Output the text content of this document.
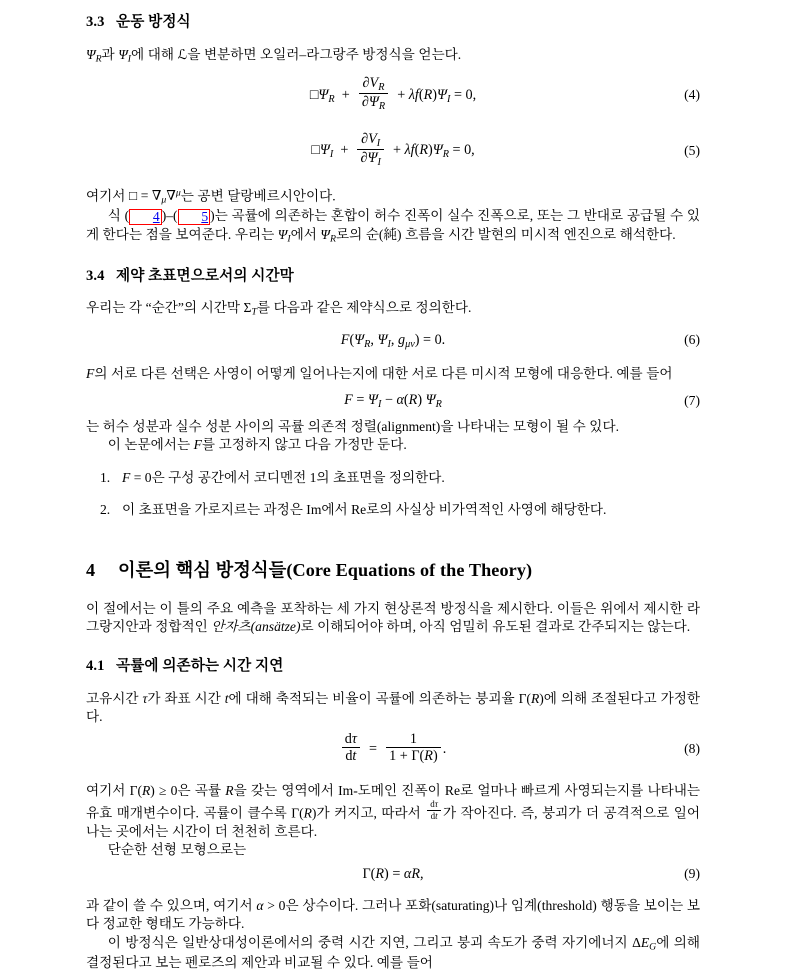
3.3 운동 방정식

$\Psi_R$과 $\Psi_I$에 대해 ℒ을 변분하면 오일러–라그랑주 방정식을 얻는다.

$□\Psi_R + \frac{\partial V_R}{\partial\Psi_R} + \lambda f(R)\Psi_I = 0$,	(4)
$□\Psi_I + \frac{\partial V_I}{\partial\Psi_I} + \lambda f(R)\Psi_R = 0$,	(5)

여기서 □ = $\nabla_\mu\nabla^\mu$는 공변 달랑베르시안이다.

식 ( 4 )–( 5 )는 곡률에 의존하는 혼합이 허수 진폭이 실수 진폭으로, 또는 그 반대로 공급될 수 있게 한다는 점을 보여준다. 우리는 $\Psi_I$에서 $\Psi_R$로의 순(純) 흐름을 시간 발현의 미시적 엔진으로 해석한다.

3.4 제약 초표면으로서의 시간막

우리는 각 “순간”의 시간막 $\Sigma_T$를 다음과 같은 제약식으로 정의한다.

$F(\Psi_R$, $\Psi_I$, $g_{\mu\nu}) = 0$.	(6)

F의 서로 다른 선택은 사영이 어떻게 일어나는지에 대한 서로 다른 미시적 모형에 대응한다. 예를 들어

$F = \Psi_I - \alpha(R)$ $\Psi_R$	(7)

는 허수 성분과 실수 성분 사이의 곡률 의존적 정렬(alignment)을 나타내는 모형이 될 수 있다.

이 논문에서는 F를 고정하지 않고 다음 가정만 둔다.

1. F = 0은 구성 공간에서 코디멘전 1의 초표면을 정의한다.
2. 이 초표면을 가로지르는 과정은 Im에서 Re로의 사실상 비가역적인 사영에 해당한다.
4 이론의 핵심 방정식들(Core Equations of the Theory)

이 절에서는 이 틀의 주요 예측을 포착하는 세 가지 현상론적 방정식을 제시한다. 이들은 위에서 제시한 라그랑지안과 정합적인 안자츠(ansätze)로 이해되어야 하며, 아직 엄밀히 유도된 결과로 간주되지는 않는다.

4.1 곡률에 의존하는 시간 지연

고유시간 τ가 좌표 시간 t에 대해 축적되는 비율이 곡률에 의존하는 붕괴율 Γ(R)에 의해 조절된다고 가정한다.

$\frac{d\tau}{dt} = \frac{1}{1 + \Gamma(R)}$ .	(8)

여기서 Γ(R) ≥ 0은 곡률 R을 갖는 영역에서 Im-도메인 진폭이 Re로 얼마나 빠르게 사영되는지를 나타내는 유효 매개변수이다. 곡률이 클수록 Γ(R)가 커지고, 따라서 $\frac{d\tau}{dt}$ 가 작아진다. 즉, 붕괴가 더 공격적으로 일어나는 곳에서는 시간이 더 천천히 흐른다.

단순한 선형 모형으로는

Γ(R) = αR,	(9)

과 같이 쓸 수 있으며, 여기서 α > 0은 상수이다. 그러나 포화(saturating)나 임계(threshold) 행동을 보이는 보다 정교한 형태도 가능하다.

이 방정식은 일반상대성이론에서의 중력 시간 지연, 그리고 붕괴 속도가 중력 자기에너지 $\Delta E_G$에 의해 결정된다고 보는 펜로즈의 제안과 비교될 수 있다. 예를 들어
